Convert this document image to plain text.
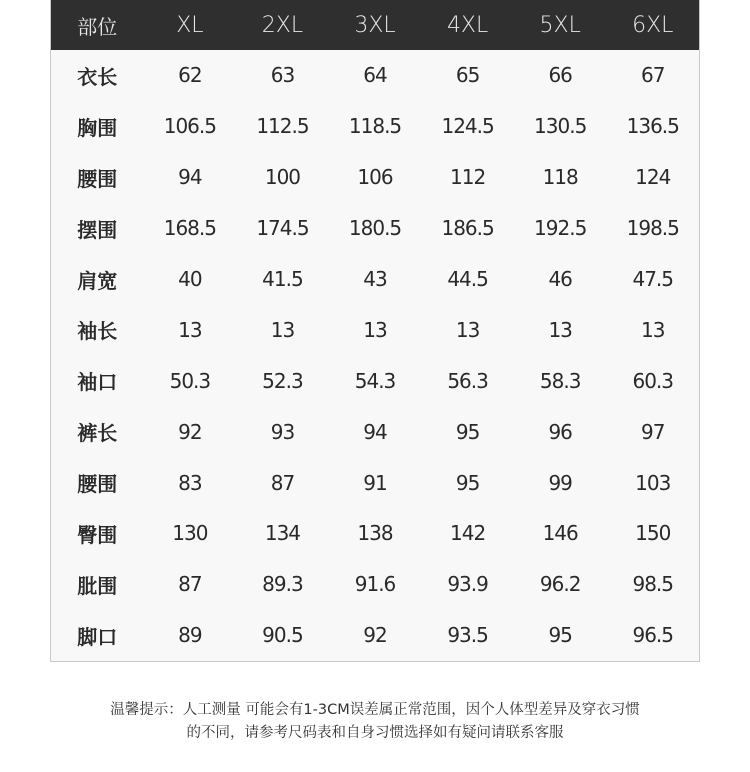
部位	XL	2XL	3XL	4XL	5XL	6XL
衣长	62	63	64	65	66	67
胸围	106.5	112.5	118.5	124.5	130.5	136.5
腰围	94	100	106	112	118	124
摆围	168.5	174.5	180.5	186.5	192.5	198.5
肩宽	40	41.5	43	44.5	46	47.5
袖长	13	13	13	13	13	13
袖口	50.3	52.3	54.3	56.3	58.3	60.3
裤长	92	93	94	95	96	97
腰围	83	87	91	95	99	103
臀围	130	134	138	142	146	150
肶围	87	89.3	91.6	93.9	96.2	98.5
脚口	89	90.5	92	93.5	95	96.5
温馨提示：人工测量 可能会有1-3CM误差属正常范围，因个人体型差异及穿衣习惯
的不同，请参考尺码表和自身习惯选择如有疑问请联系客服
